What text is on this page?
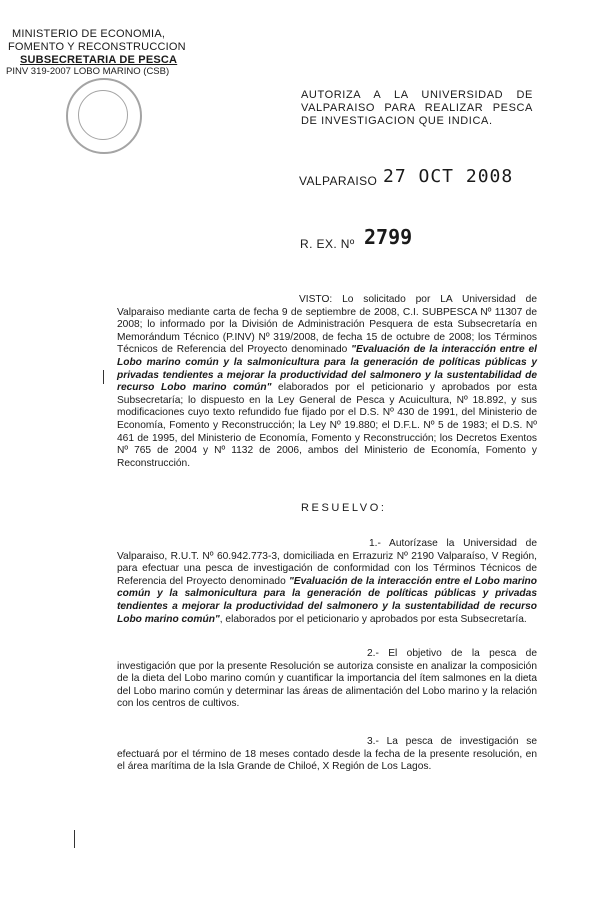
MINISTERIO DE ECONOMIA,
FOMENTO Y RECONSTRUCCION
SUBSECRETARIA DE PESCA
PINV 319-2007 LOBO MARINO (CSB)
AUTORIZA A LA UNIVERSIDAD DE VALPARAISO PARA REALIZAR PESCA DE INVESTIGACION QUE INDICA.
VALPARAISO 27 OCT 2008
R. EX. Nº 2799

VISTO: Lo solicitado por LA Universidad de Valparaiso mediante carta de fecha 9 de septiembre de 2008, C.I. SUBPESCA Nº 11307 de 2008; lo informado por la División de Administración Pesquera de esta Subsecretaría en Memorándum Técnico (P.INV) Nº 319/2008, de fecha 15 de octubre de 2008; los Términos Técnicos de Referencia del Proyecto denominado "Evaluación de la interacción entre el Lobo marino común y la salmonicultura para la generación de políticas públicas y privadas tendientes a mejorar la productividad del salmonero y la sustentabilidad de recurso Lobo marino común" elaborados por el peticionario y aprobados por esta Subsecretaría; lo dispuesto en la Ley General de Pesca y Acuicultura, Nº 18.892, y sus modificaciones cuyo texto refundido fue fijado por el D.S. Nº 430 de 1991, del Ministerio de Economía, Fomento y Reconstrucción; la Ley Nº 19.880; el D.F.L. Nº 5 de 1983; el D.S. Nº 461 de 1995, del Ministerio de Economía, Fomento y Reconstrucción; los Decretos Exentos Nº 765 de 2004 y Nº 1132 de 2006, ambos del Ministerio de Economía, Fomento y Reconstrucción.

RESUELVO:

1.- Autorízase la Universidad de Valparaiso, R.U.T. Nº 60.942.773-3, domiciliada en Errazuriz Nº 2190 Valparaíso, V Región, para efectuar una pesca de investigación de conformidad con los Términos Técnicos de Referencia del Proyecto denominado "Evaluación de la interacción entre el Lobo marino común y la salmonicultura para la generación de políticas públicas y privadas tendientes a mejorar la productividad del salmonero y la sustentabilidad de recurso Lobo marino común", elaborados por el peticionario y aprobados por esta Subsecretaría.

2.- El objetivo de la pesca de investigación que por la presente Resolución se autoriza consiste en analizar la composición de la dieta del Lobo marino común y cuantificar la importancia del ítem salmones en la dieta del Lobo marino común y determinar las áreas de alimentación del Lobo marino y la relación con los centros de cultivos.

3.- La pesca de investigación se efectuará por el término de 18 meses contado desde la fecha de la presente resolución, en el área marítima de la Isla Grande de Chiloé, X Región de Los Lagos.
